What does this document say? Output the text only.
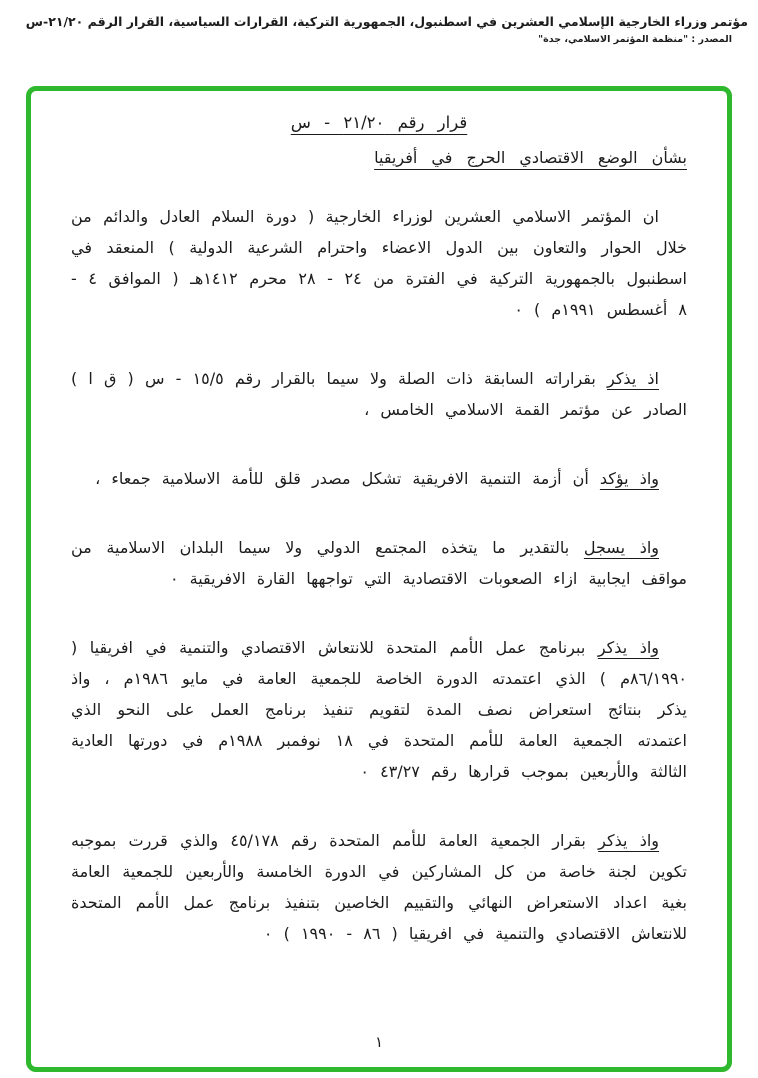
مؤتمر وزراء الخارجية الإسلامي العشرين في اسطنبول، الجمهورية التركية، القرارات السياسية، القرار الرقم ٢١/٢٠-س
المصدر : "منظمة المؤتمر الاسلامي، جدة"
قرار رقم ٢١/٢٠ - س
بشأن الوضع الاقتصادي الحرج في أفريقيا

ان المؤتمر الاسلامي العشرين لوزراء الخارجية ( دورة السلام العادل والدائم من خلال الحوار والتعاون بين الدول الاعضاء واحترام الشرعية الدولية ) المنعقد في اسطنبول بالجمهورية التركية في الفترة من ٢٤ - ٢٨ محرم ١٤١٢هـ ( الموافق ٤ - ٨ أغسطس ١٩٩١م ) ٠

اذ يذكر بقراراته السابقة ذات الصلة ولا سيما بالقرار رقم ١٥/٥ - س ( ق ا ) الصادر عن مؤتمر القمة الاسلامي الخامس ،

واذ يؤكد أن أزمة التنمية الافريقية تشكل مصدر قلق للأمة الاسلامية جمعاء ،

واذ يسجل بالتقدير ما يتخذه المجتمع الدولي ولا سيما البلدان الاسلامية من مواقف ايجابية ازاء الصعوبات الاقتصادية التي تواجهها القارة الافريقية ٠

واذ يذكر ببرنامج عمل الأمم المتحدة للانتعاش الاقتصادي والتنمية في افريقيا ( ٨٦/١٩٩٠م ) الذي اعتمدته الدورة الخاصة للجمعية العامة في مايو ١٩٨٦م ، واذ يذكر بنتائج استعراض نصف المدة لتقويم تنفيذ برنامج العمل على النحو الذي اعتمدته الجمعية العامة للأمم المتحدة في ١٨ نوفمبر ١٩٨٨م في دورتها العادية الثالثة والأربعين بموجب قرارها رقم ٤٣/٢٧ ٠

واذ يذكر بقرار الجمعية العامة للأمم المتحدة رقم ٤٥/١٧٨ والذي قررت بموجبه تكوين لجنة خاصة من كل المشاركين في الدورة الخامسة والأربعين للجمعية العامة بغية اعداد الاستعراض النهائي والتقييم الخاصين بتنفيذ برنامج عمل الأمم المتحدة للانتعاش الاقتصادي والتنمية في افريقيا ( ٨٦ - ١٩٩٠ ) ٠

١
